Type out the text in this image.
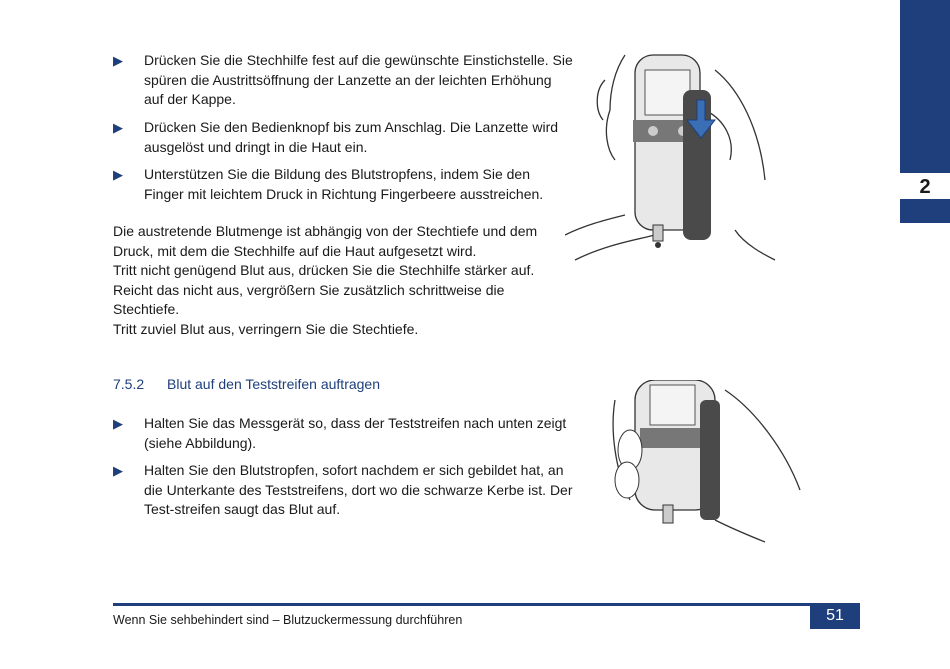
2
▶	Drücken Sie die Stechhilfe fest auf die gewünschte Einstichstelle. Sie spüren die Austrittsöffnung der Lanzette an der leichten Erhöhung auf der Kappe.
▶	Drücken Sie den Bedienknopf bis zum Anschlag. Die Lanzette wird ausgelöst und dringt in die Haut ein.
▶	Unterstützen Sie die Bildung des Blutstropfens, indem Sie den Finger mit leichtem Druck in Richtung Fingerbeere ausstreichen.
Die austretende Blutmenge ist abhängig von der Stechtiefe und dem
Druck, mit dem die Stechhilfe auf die Haut aufgesetzt wird.
Tritt nicht genügend Blut aus, drücken Sie die Stechhilfe stärker auf.
Reicht das nicht aus, vergrößern Sie zusätzlich schrittweise die
Stechtiefe.
Tritt zuviel Blut aus, verringern Sie die Stechtiefe.
7.5.2 Blut auf den Teststreifen auftragen
▶	Halten Sie das Messgerät so, dass der Teststreifen nach unten zeigt (siehe Abbildung).
▶	Halten Sie den Blutstropfen, sofort nachdem er sich gebildet hat, an die Unterkante des Teststreifens, dort wo die schwarze Kerbe ist. Der Test-streifen saugt das Blut auf.
Wenn Sie sehbehindert sind – Blutzuckermessung durchführen	51
